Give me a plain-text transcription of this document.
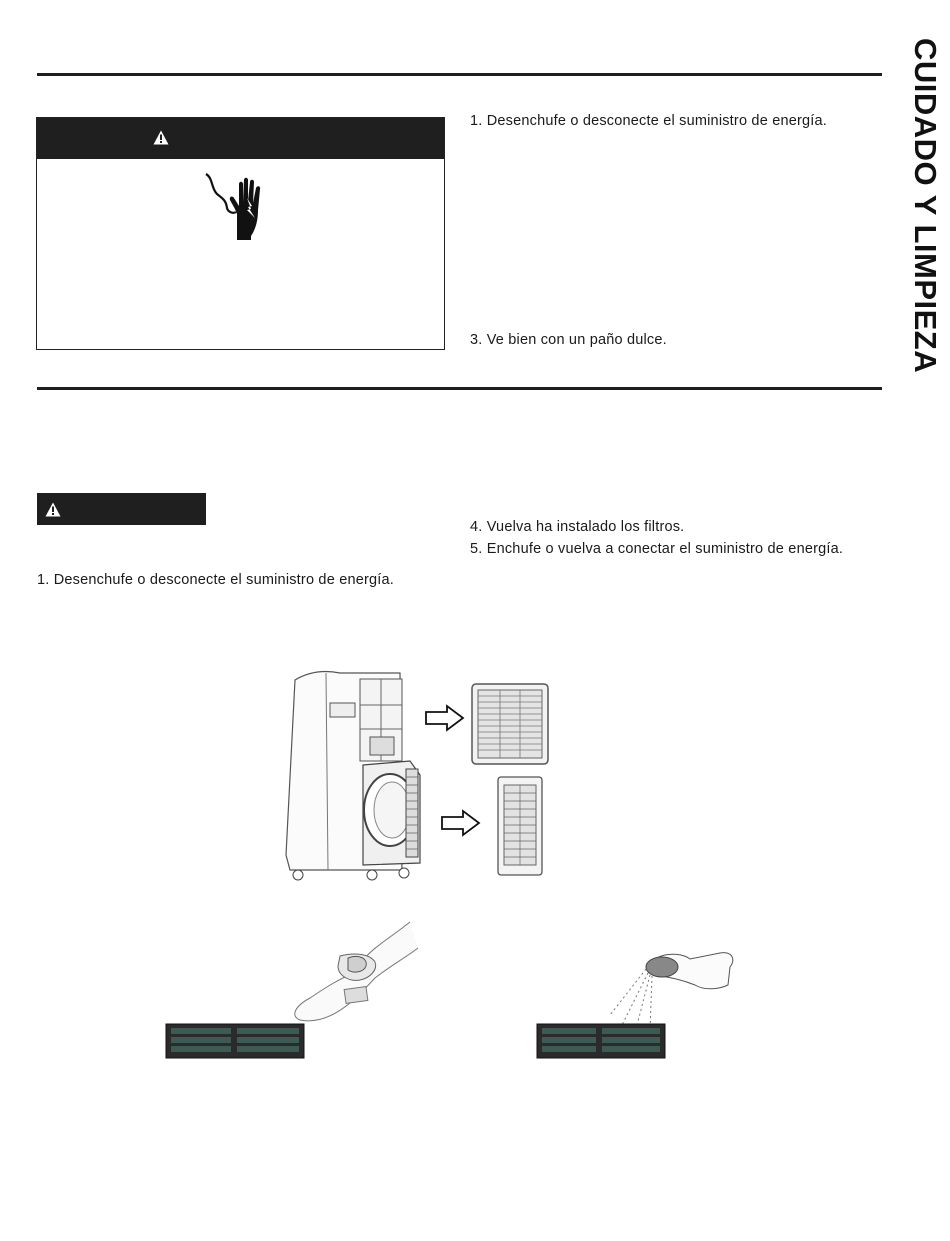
CUIDADO Y LIMPIEZA
1. Desenchufe o desconecte el suministro de energía.
3. Ve bien con un paño dulce.
4. Vuelva ha instalado los filtros.
5. Enchufe o vuelva a conectar el suministro de energía.
1. Desenchufe o desconecte el suministro de energía.
